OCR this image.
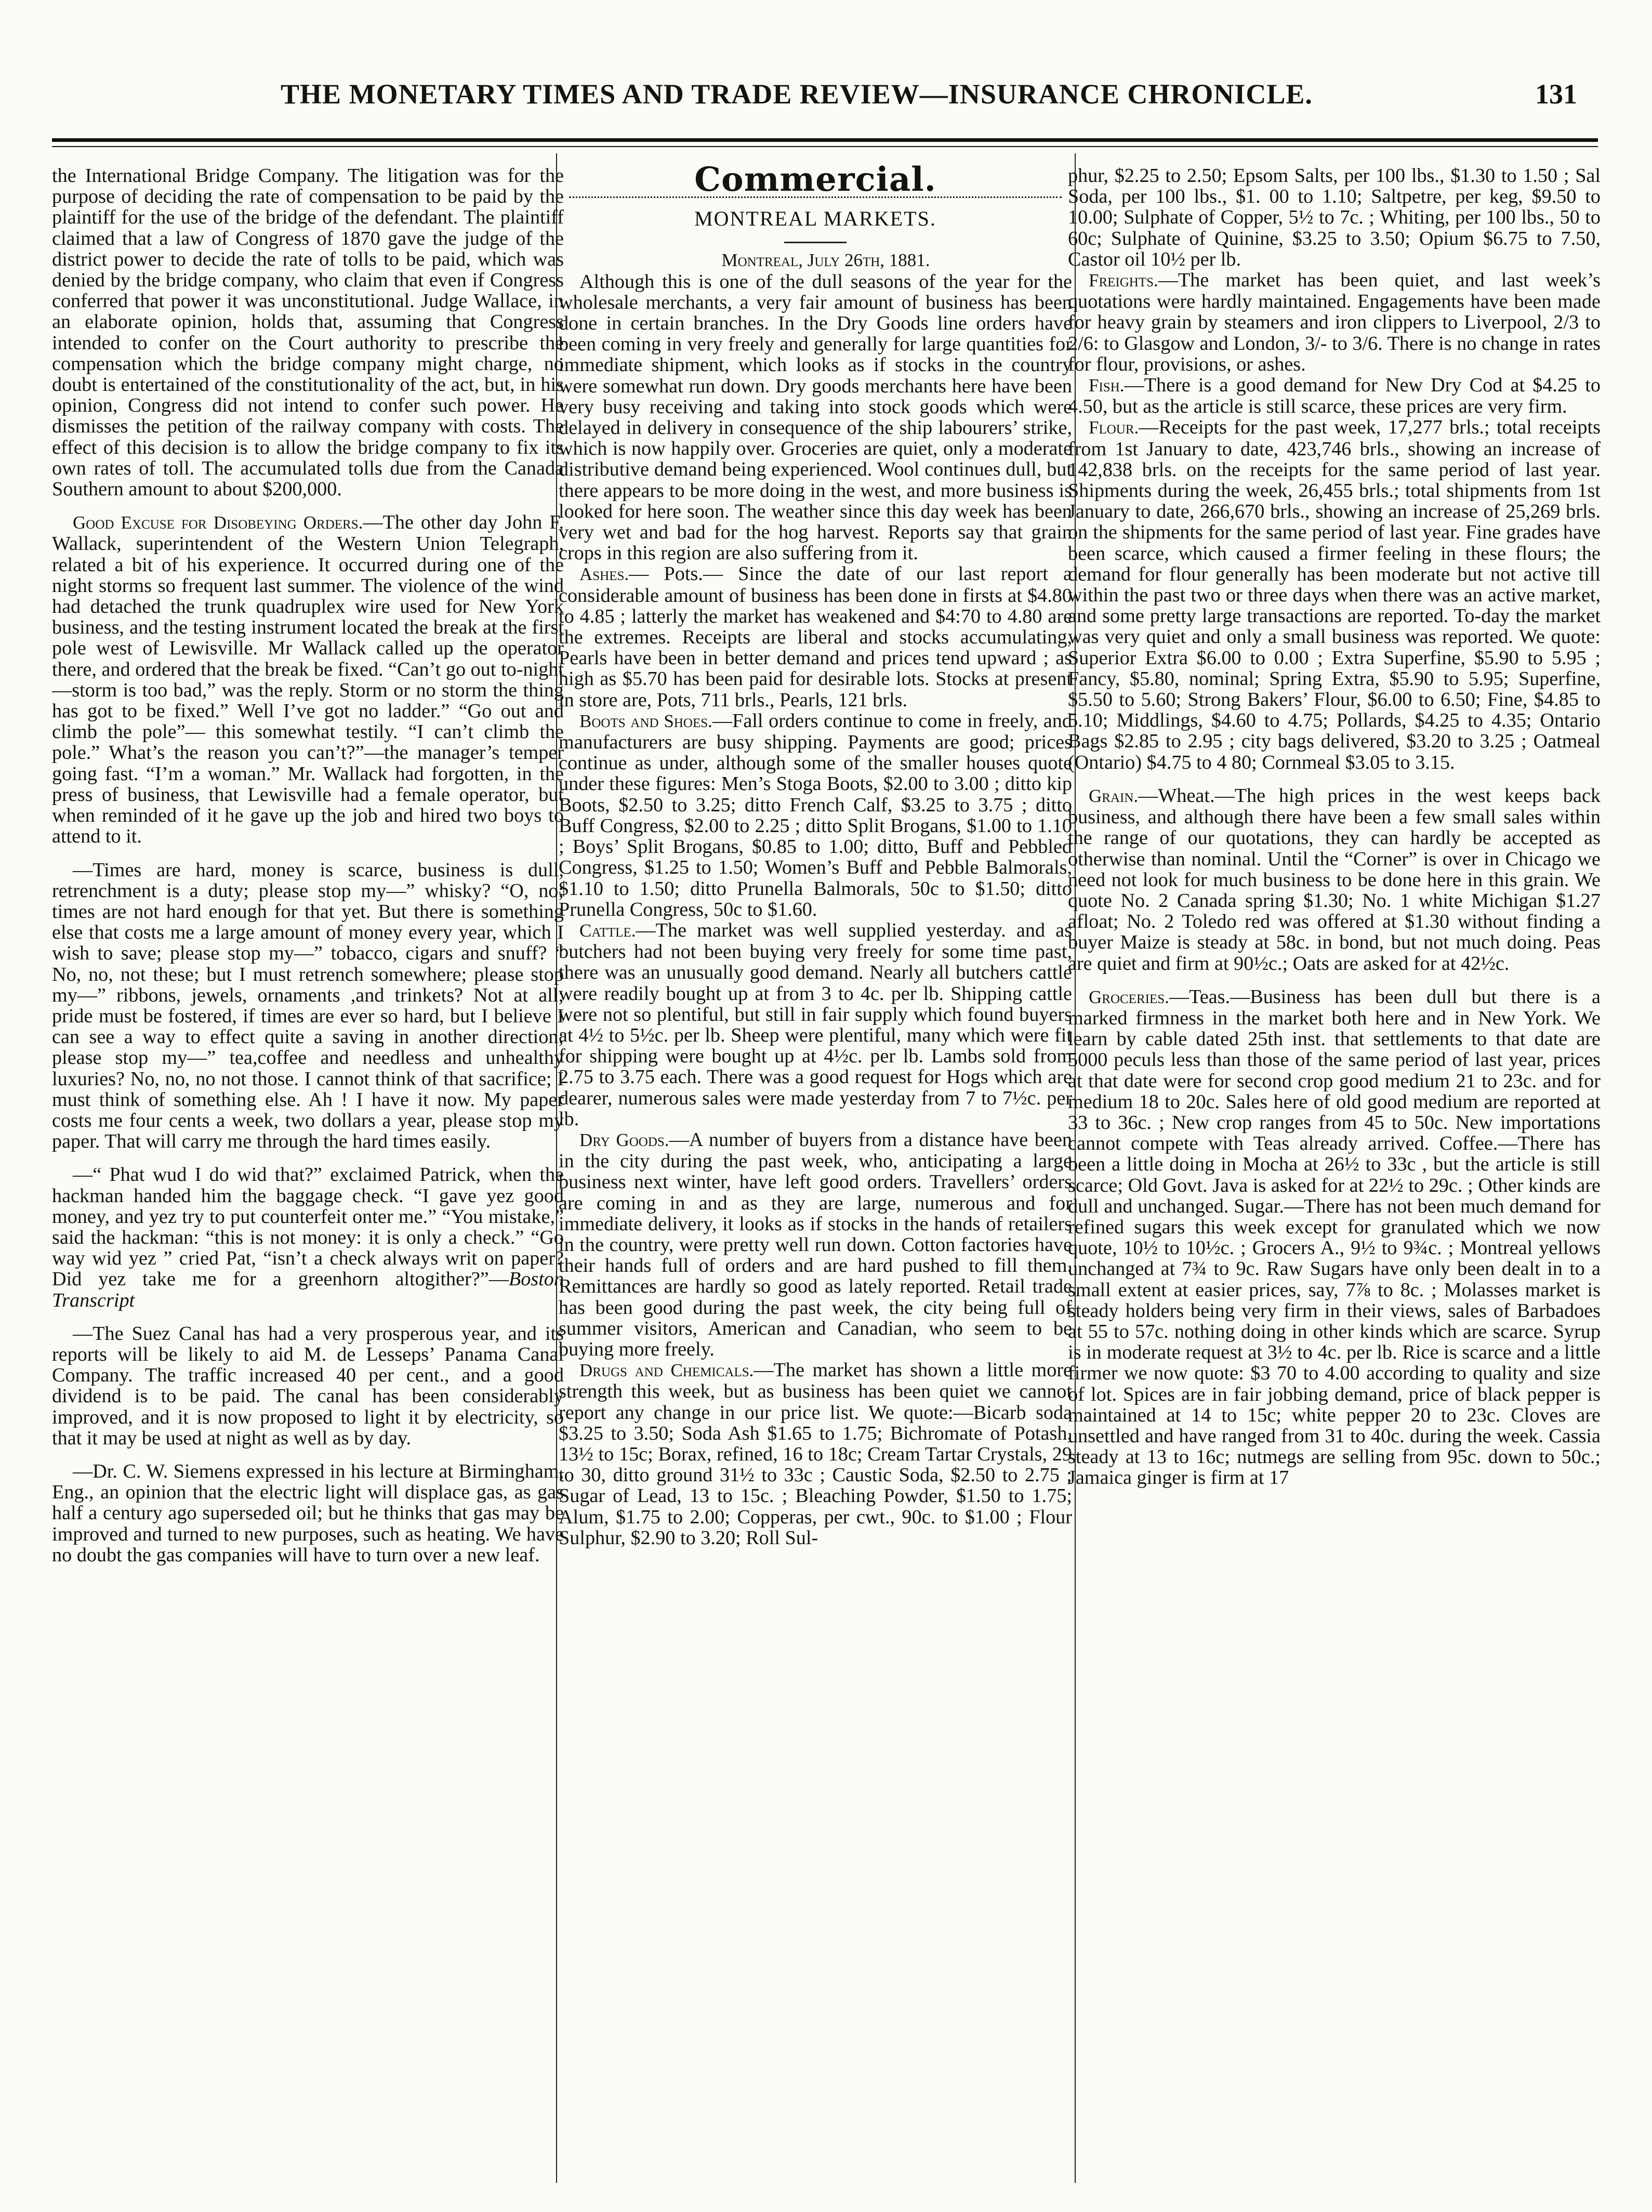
THE MONETARY TIMES AND TRADE REVIEW—INSURANCE CHRONICLE.	131

the International Bridge Company. The litigation was for the purpose of deciding the rate of compensation to be paid by the plaintiff for the use of the bridge of the defendant. The plaintiff claimed that a law of Congress of 1870 gave the judge of the district power to decide the rate of tolls to be paid, which was denied by the bridge company, who claim that even if Congress conferred that power it was unconstitutional. Judge Wallace, in an elaborate opinion, holds that, assuming that Congress intended to confer on the Court authority to prescribe the compensation which the bridge company might charge, no doubt is entertained of the constitutionality of the act, but, in his opinion, Congress did not intend to confer such power. He dismisses the petition of the railway company with costs. The effect of this decision is to allow the bridge company to fix its own rates of toll. The accumulated tolls due from the Canada Southern amount to about $200,000.

Good Excuse for Disobeying Orders.—The other day John F. Wallack, superintendent of the Western Union Telegraph, related a bit of his experience. It occurred during one of the night storms so frequent last summer. The violence of the wind had detached the trunk quadruplex wire used for New York business, and the testing instrument located the break at the first pole west of Lewisville. Mr Wallack called up the operator there, and ordered that the break be fixed. “Can’t go out to-night—storm is too bad,” was the reply. Storm or no storm the thing has got to be fixed.” Well I’ve got no ladder.” “Go out and climb the pole”— this somewhat testily. “I can’t climb the pole.” What’s the reason you can’t?”—the manager’s temper going fast. “I’m a woman.” Mr. Wallack had forgotten, in the press of business, that Lewisville had a female operator, but when reminded of it he gave up the job and hired two boys to attend to it.

—Times are hard, money is scarce, business is dull, retrenchment is a duty; please stop my—” whisky? “O, no; times are not hard enough for that yet. But there is something else that costs me a large amount of money every year, which I wish to save; please stop my—” tobacco, cigars and snuff? “ No, no, not these; but I must retrench somewhere; please stop my—” ribbons, jewels, ornaments ,and trinkets? Not at all; pride must be fostered, if times are ever so hard, but I believe I can see a way to effect quite a saving in another direction; please stop my—” tea,coffee and needless and unhealthy luxuries? No, no, no not those. I cannot think of that sacrifice; I must think of something else. Ah ! I have it now. My paper costs me four cents a week, two dollars a year, please stop my paper. That will carry me through the hard times easily.

—“ Phat wud I do wid that?” exclaimed Patrick, when the hackman handed him the baggage check. “I gave yez good money, and yez try to put counterfeit onter me.” “You mistake,” said the hackman: “this is not money: it is only a check.” “Go way wid yez ” cried Pat, “isn’t a check always writ on paper? Did yez take me for a greenhorn altogither?”—Boston Transcript

—The Suez Canal has had a very prosperous year, and its reports will be likely to aid M. de Lesseps’ Panama Canal Company. The traffic increased 40 per cent., and a good dividend is to be paid. The canal has been considerably improved, and it is now proposed to light it by electricity, so that it may be used at night as well as by day.

—Dr. C. W. Siemens expressed in his lecture at Birmingham, Eng., an opinion that the electric light will displace gas, as gas half a century ago superseded oil; but he thinks that gas may be improved and turned to new purposes, such as heating. We have no doubt the gas companies will have to turn over a new leaf.

Commercial.
MONTREAL MARKETS.

Montreal, July 26th, 1881.

Although this is one of the dull seasons of the year for the wholesale merchants, a very fair amount of business has been done in certain branches. In the Dry Goods line orders have been coming in very freely and generally for large quantities for immediate shipment, which looks as if stocks in the country were somewhat run down. Dry goods merchants here have been very busy receiving and taking into stock goods which were delayed in delivery in consequence of the ship labourers’ strike, which is now happily over. Groceries are quiet, only a moderate distributive demand being experienced. Wool continues dull, but there appears to be more doing in the west, and more business is looked for here soon. The weather since this day week has been very wet and bad for the hog harvest. Reports say that grain crops in this region are also suffering from it.

Ashes.— Pots.— Since the date of our last report a considerable amount of business has been done in firsts at $4.80 to 4.85 ; latterly the market has weakened and $4:70 to 4.80 are the extremes. Receipts are liberal and stocks accumulating, Pearls have been in better demand and prices tend upward ; as high as $5.70 has been paid for desirable lots. Stocks at present in store are, Pots, 711 brls., Pearls, 121 brls.

Boots and Shoes.—Fall orders continue to come in freely, and manufacturers are busy shipping. Payments are good; prices continue as under, although some of the smaller houses quote under these figures: Men’s Stoga Boots, $2.00 to 3.00 ; ditto kip Boots, $2.50 to 3.25; ditto French Calf, $3.25 to 3.75 ; ditto Buff Congress, $2.00 to 2.25 ; ditto Split Brogans, $1.00 to 1.10 ; Boys’ Split Brogans, $0.85 to 1.00; ditto, Buff and Pebbled Congress, $1.25 to 1.50; Women’s Buff and Pebble Balmorals, $1.10 to 1.50; ditto Prunella Balmorals, 50c to $1.50; ditto Prunella Congress, 50c to $1.60.

Cattle.—The market was well supplied yesterday. and as butchers had not been buying very freely for some time past, there was an unusually good demand. Nearly all butchers cattle were readily bought up at from 3 to 4c. per lb. Shipping cattle were not so plentiful, but still in fair supply which found buyers at 4½ to 5½c. per lb. Sheep were plentiful, many which were fit for shipping were bought up at 4½c. per lb. Lambs sold from 2.75 to 3.75 each. There was a good request for Hogs which are dearer, numerous sales were made yesterday from 7 to 7½c. per lb.

Dry Goods.—A number of buyers from a distance have been in the city during the past week, who, anticipating a large business next winter, have left good orders. Travellers’ orders are coming in and as they are large, numerous and for immediate delivery, it looks as if stocks in the hands of retailers in the country, were pretty well run down. Cotton factories have their hands full of orders and are hard pushed to fill them. Remittances are hardly so good as lately reported. Retail trade has been good during the past week, the city being full of summer visitors, American and Canadian, who seem to be buying more freely.

Drugs and Chemicals.—The market has shown a little more strength this week, but as business has been quiet we cannot report any change in our price list. We quote:—Bicarb soda $3.25 to 3.50; Soda Ash $1.65 to 1.75; Bichromate of Potash, 13½ to 15c; Borax, refined, 16 to 18c; Cream Tartar Crystals, 29 to 30, ditto ground 31½ to 33c ; Caustic Soda, $2.50 to 2.75 ; Sugar of Lead, 13 to 15c. ; Bleaching Powder, $1.50 to 1.75; Alum, $1.75 to 2.00; Copperas, per cwt., 90c. to $1.00 ; Flour Sulphur, $2.90 to 3.20; Roll Sul-

phur, $2.25 to 2.50; Epsom Salts, per 100 lbs., $1.30 to 1.50 ; Sal Soda, per 100 lbs., $1. 00 to 1.10; Saltpetre, per keg, $9.50 to 10.00; Sulphate of Copper, 5½ to 7c. ; Whiting, per 100 lbs., 50 to 60c; Sulphate of Quinine, $3.25 to 3.50; Opium $6.75 to 7.50, Castor oil 10½ per lb.

Freights.—The market has been quiet, and last week’s quotations were hardly maintained. Engagements have been made for heavy grain by steamers and iron clippers to Liverpool, 2/3 to 2/6: to Glasgow and London, 3/- to 3/6. There is no change in rates for flour, provisions, or ashes.

Fish.—There is a good demand for New Dry Cod at $4.25 to 4.50, but as the article is still scarce, these prices are very firm.

Flour.—Receipts for the past week, 17,277 brls.; total receipts from 1st January to date, 423,746 brls., showing an increase of 142,838 brls. on the receipts for the same period of last year. Shipments during the week, 26,455 brls.; total shipments from 1st January to date, 266,670 brls., showing an increase of 25,269 brls. on the shipments for the same period of last year. Fine grades have been scarce, which caused a firmer feeling in these flours; the demand for flour generally has been moderate but not active till within the past two or three days when there was an active market, and some pretty large transactions are reported. To-day the market was very quiet and only a small business was reported. We quote: Superior Extra $6.00 to 0.00 ; Extra Superfine, $5.90 to 5.95 ; Fancy, $5.80, nominal; Spring Extra, $5.90 to 5.95; Superfine, $5.50 to 5.60; Strong Bakers’ Flour, $6.00 to 6.50; Fine, $4.85 to 5.10; Middlings, $4.60 to 4.75; Pollards, $4.25 to 4.35; Ontario Bags $2.85 to 2.95 ; city bags delivered, $3.20 to 3.25 ; Oatmeal (Ontario) $4.75 to 4 80; Cornmeal $3.05 to 3.15.

Grain.—Wheat.—The high prices in the west keeps back business, and although there have been a few small sales within the range of our quotations, they can hardly be accepted as otherwise than nominal. Until the “Corner” is over in Chicago we need not look for much business to be done here in this grain. We quote No. 2 Canada spring $1.30; No. 1 white Michigan $1.27 afloat; No. 2 Toledo red was offered at $1.30 without finding a buyer Maize is steady at 58c. in bond, but not much doing. Peas are quiet and firm at 90½c.; Oats are asked for at 42½c.

Groceries.—Teas.—Business has been dull but there is a marked firmness in the market both here and in New York. We learn by cable dated 25th inst. that settlements to that date are 5000 peculs less than those of the same period of last year, prices at that date were for second crop good medium 21 to 23c. and for medium 18 to 20c. Sales here of old good medium are reported at 33 to 36c. ; New crop ranges from 45 to 50c. New importations cannot compete with Teas already arrived. Coffee.—There has been a little doing in Mocha at 26½ to 33c , but the article is still scarce; Old Govt. Java is asked for at 22½ to 29c. ; Other kinds are dull and unchanged. Sugar.—There has not been much demand for refined sugars this week except for granulated which we now quote, 10½ to 10½c. ; Grocers A., 9½ to 9¾c. ; Montreal yellows unchanged at 7¾ to 9c. Raw Sugars have only been dealt in to a small extent at easier prices, say, 7⅞ to 8c. ; Molasses market is steady holders being very firm in their views, sales of Barbadoes at 55 to 57c. nothing doing in other kinds which are scarce. Syrup is in moderate request at 3½ to 4c. per lb. Rice is scarce and a little firmer we now quote: $3 70 to 4.00 according to quality and size of lot. Spices are in fair jobbing demand, price of black pepper is maintained at 14 to 15c; white pepper 20 to 23c. Cloves are unsettled and have ranged from 31 to 40c. during the week. Cassia steady at 13 to 16c; nutmegs are selling from 95c. down to 50c.; Jamaica ginger is firm at 17
